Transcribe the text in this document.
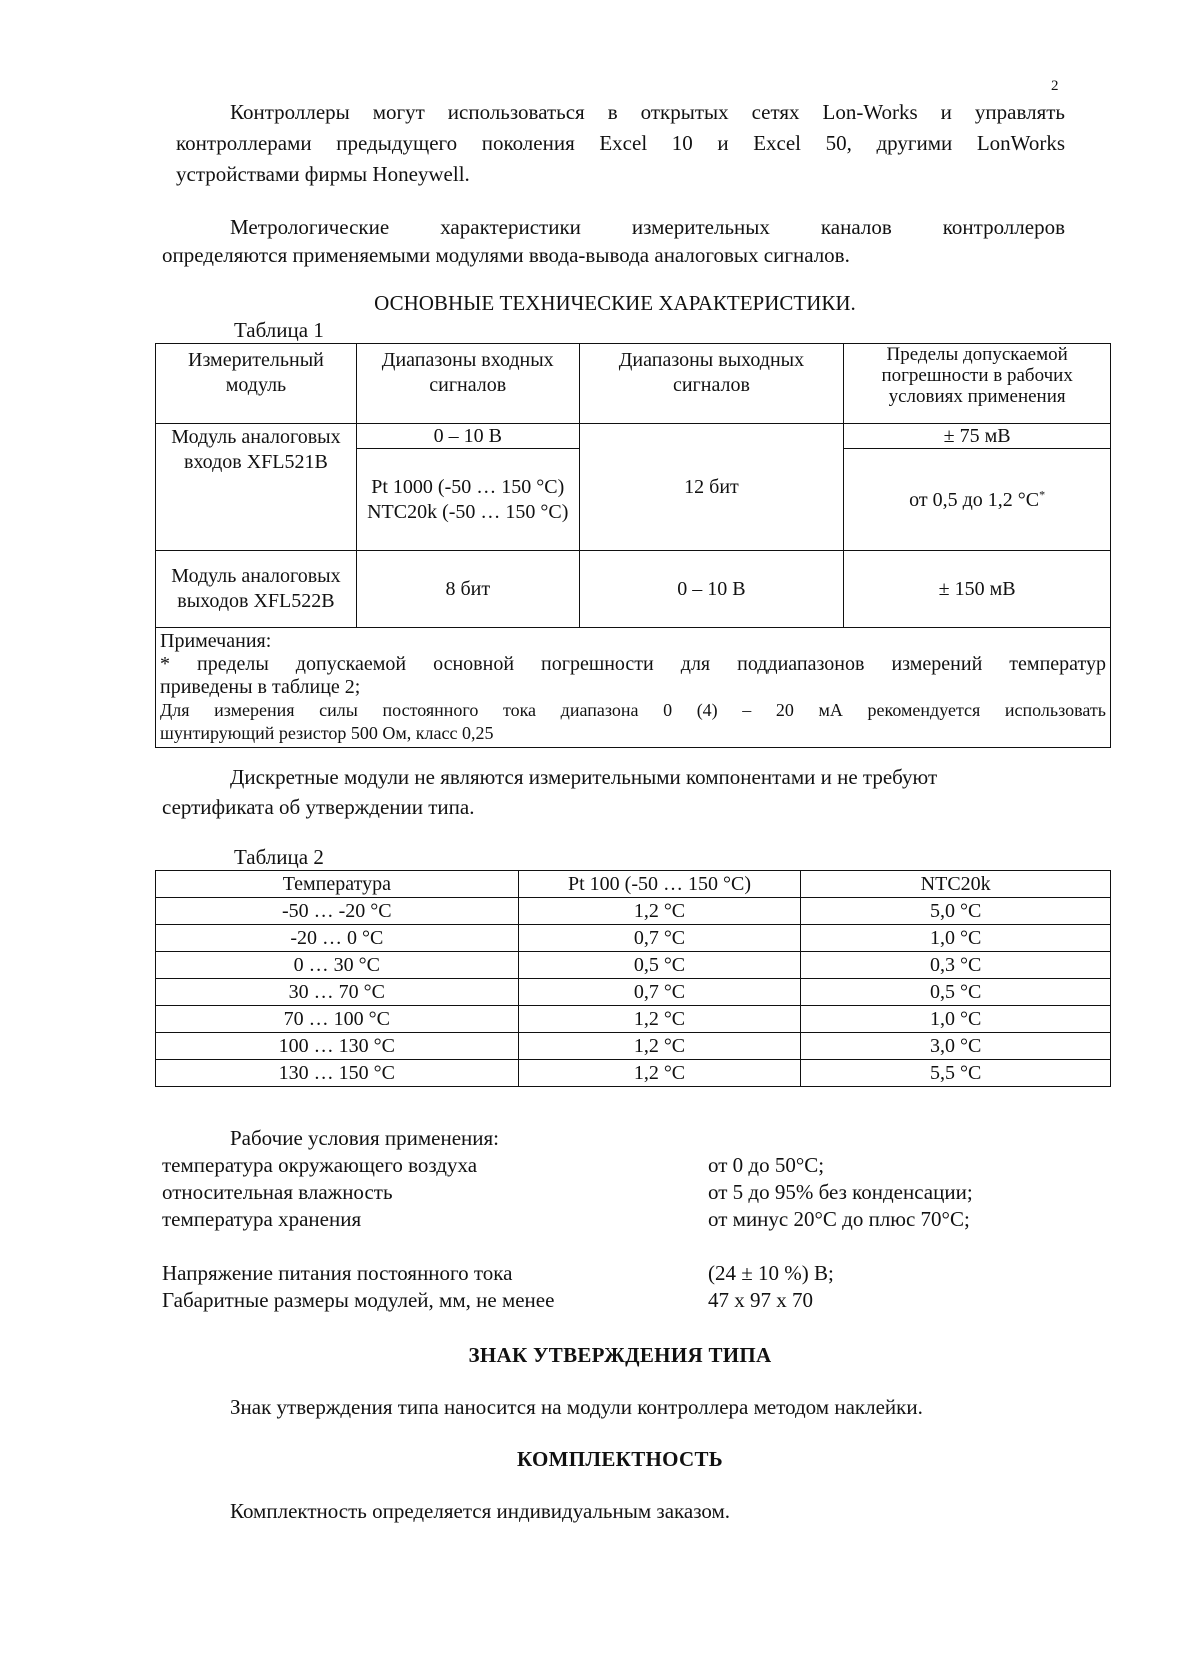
2
Контроллеры могут использоваться в открытых сетях Lon-Works и управлять
контроллерами предыдущего поколения Excel 10 и Excel 50, другими LonWorks
устройствами фирмы Honeywell.
Метрологические характеристики измерительных каналов контроллеров
определяются применяемыми модулями ввода-вывода аналоговых сигналов.
ОСНОВНЫЕ ТЕХНИЧЕСКИЕ ХАРАКТЕРИСТИКИ.
Таблица 1
Измерительный модуль	Диапазоны входных сигналов	Диапазоны выходных сигналов	Пределы допускаемой погрешности в рабочих условиях применения
Модуль аналоговых входов XFL521B	0 – 10 В	12 бит	± 75 мВ
	Pt 1000 (-50 … 150 °С) NTC20k (-50 … 150 °С)		от 0,5 до 1,2 °С*
Модуль аналоговых выходов XFL522B	8 бит	0 – 10 В	± 150 мВ

Примечания:
* пределы допускаемой основной погрешности для поддиапазонов измерений температур
приведены в таблице 2;
Для измерения силы постоянного тока диапазона 0 (4) – 20 мА рекомендуется использовать
шунтирующий резистор 500 Ом, класс 0,25			
Дискретные модули не являются измерительными компонентами и не требуют
сертификата об утверждении типа.
Таблица 2
Температура	Pt 100 (-50 … 150 °С)	NTC20k
-50 … -20 °С	1,2 °С	5,0 °С
-20 … 0 °С	0,7 °С	1,0 °С
0 … 30 °С	0,5 °С	0,3 °С
30 … 70 °С	0,7 °С	0,5 °С
70 … 100 °С	1,2 °С	1,0 °С
100 … 130 °С	1,2 °С	3,0 °С
130 … 150 °С	1,2 °С	5,5 °С
Рабочие условия применения:
температура окружающего воздуха	от 0 до 50°С;
относительная влажность	от 5 до 95% без конденсации;
температура хранения	от минус 20°С до плюс 70°С;
Напряжение питания постоянного тока	(24 ± 10 %) В;
Габаритные размеры модулей, мм, не менее	47 х 97 х 70
ЗНАК УТВЕРЖДЕНИЯ ТИПА
Знак утверждения типа наносится на модули контроллера методом наклейки.
КОМПЛЕКТНОСТЬ
Комплектность определяется индивидуальным заказом.
